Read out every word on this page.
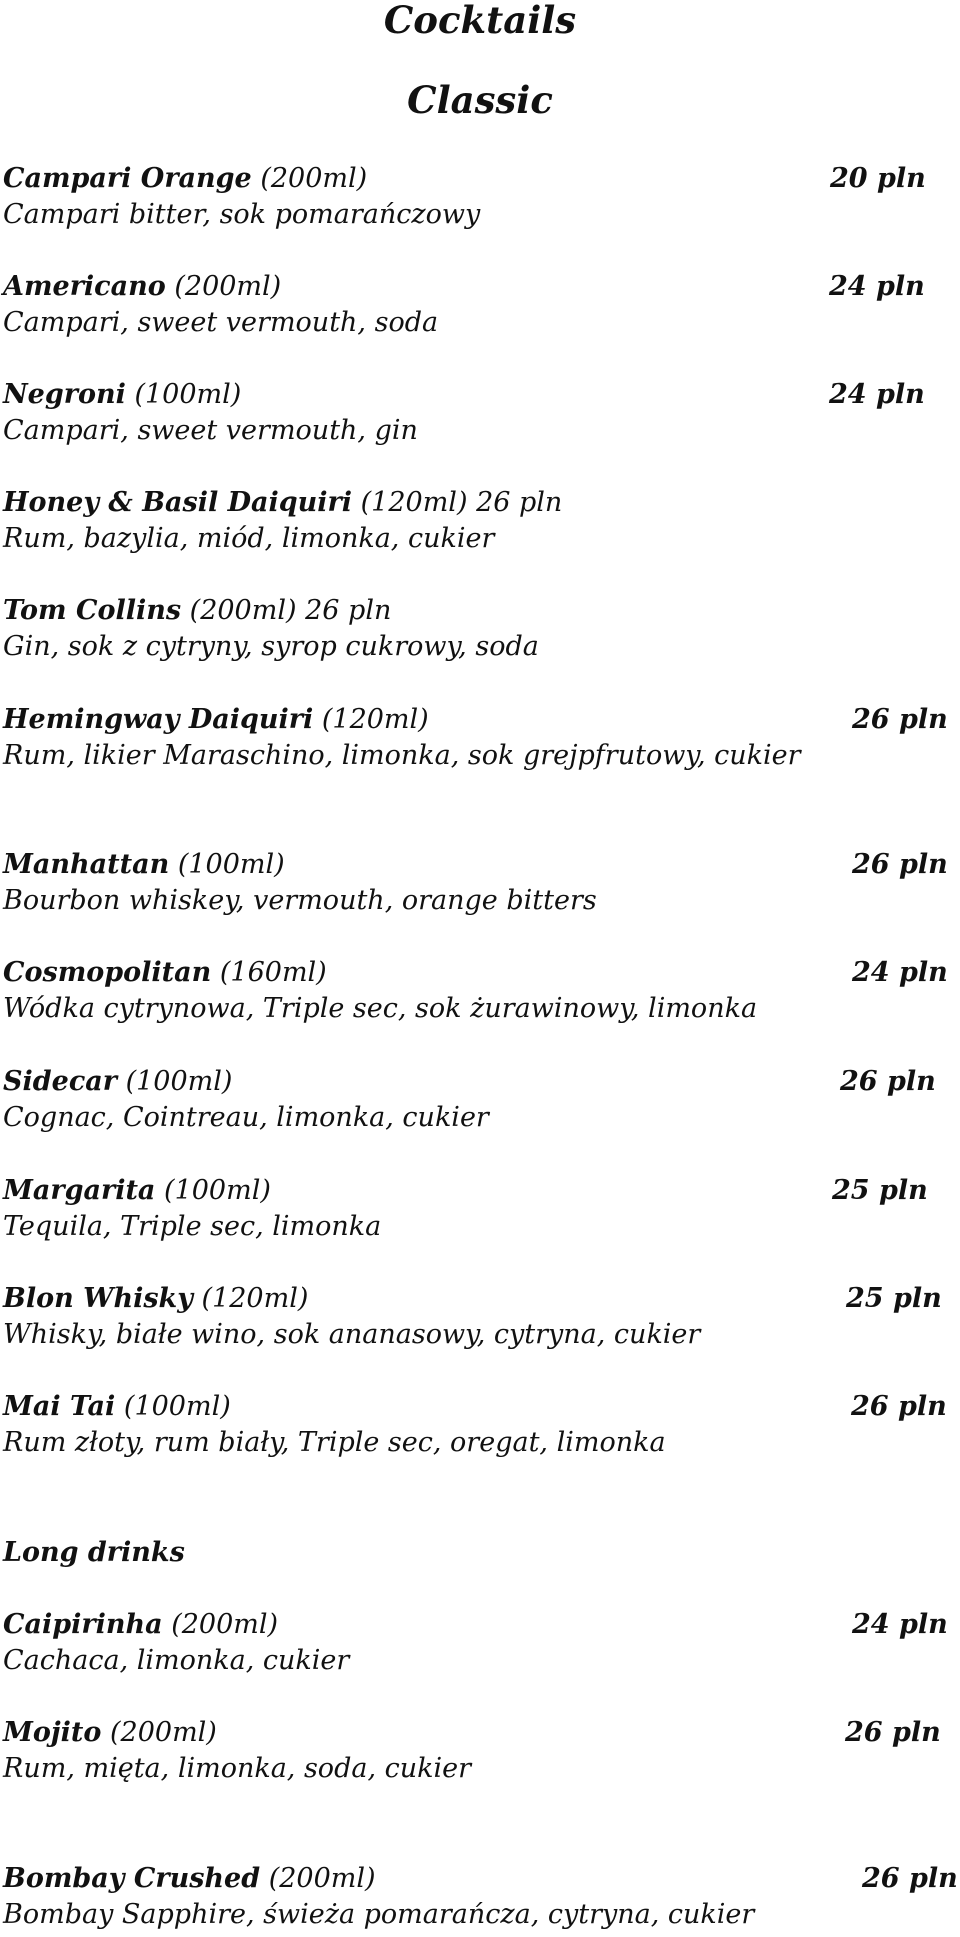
Cocktails
Classic
Campari Orange (200ml)
Campari bitter, sok pomarańczowy
20 pln
Americano (200ml)
Campari, sweet vermouth, soda
24 pln
Negroni (100ml)
Campari, sweet vermouth, gin
24 pln
Honey & Basil Daiquiri (120ml) 26 pln
Rum, bazylia, miód, limonka, cukier
Tom Collins (200ml) 26 pln
Gin, sok z cytryny, syrop cukrowy, soda
Hemingway Daiquiri (120ml)
Rum, likier Maraschino, limonka, sok grejpfrutowy, cukier
26 pln
Manhattan (100ml)
Bourbon whiskey, vermouth, orange bitters
26 pln
Cosmopolitan (160ml)
Wódka cytrynowa, Triple sec, sok żurawinowy, limonka
24 pln
Sidecar (100ml)
Cognac, Cointreau, limonka, cukier
26 pln
Margarita (100ml)
Tequila, Triple sec, limonka
25 pln
Blon Whisky (120ml)
Whisky, białe wino, sok ananasowy, cytryna, cukier
25 pln
Mai Tai (100ml)
Rum złoty, rum biały, Triple sec, oregat, limonka
26 pln
Long drinks
Caipirinha (200ml)
Cachaca, limonka, cukier
24 pln
Mojito (200ml)
Rum, mięta, limonka, soda, cukier
26 pln
Bombay Crushed (200ml)
Bombay Sapphire, świeża pomarańcza, cytryna, cukier
26 pln
